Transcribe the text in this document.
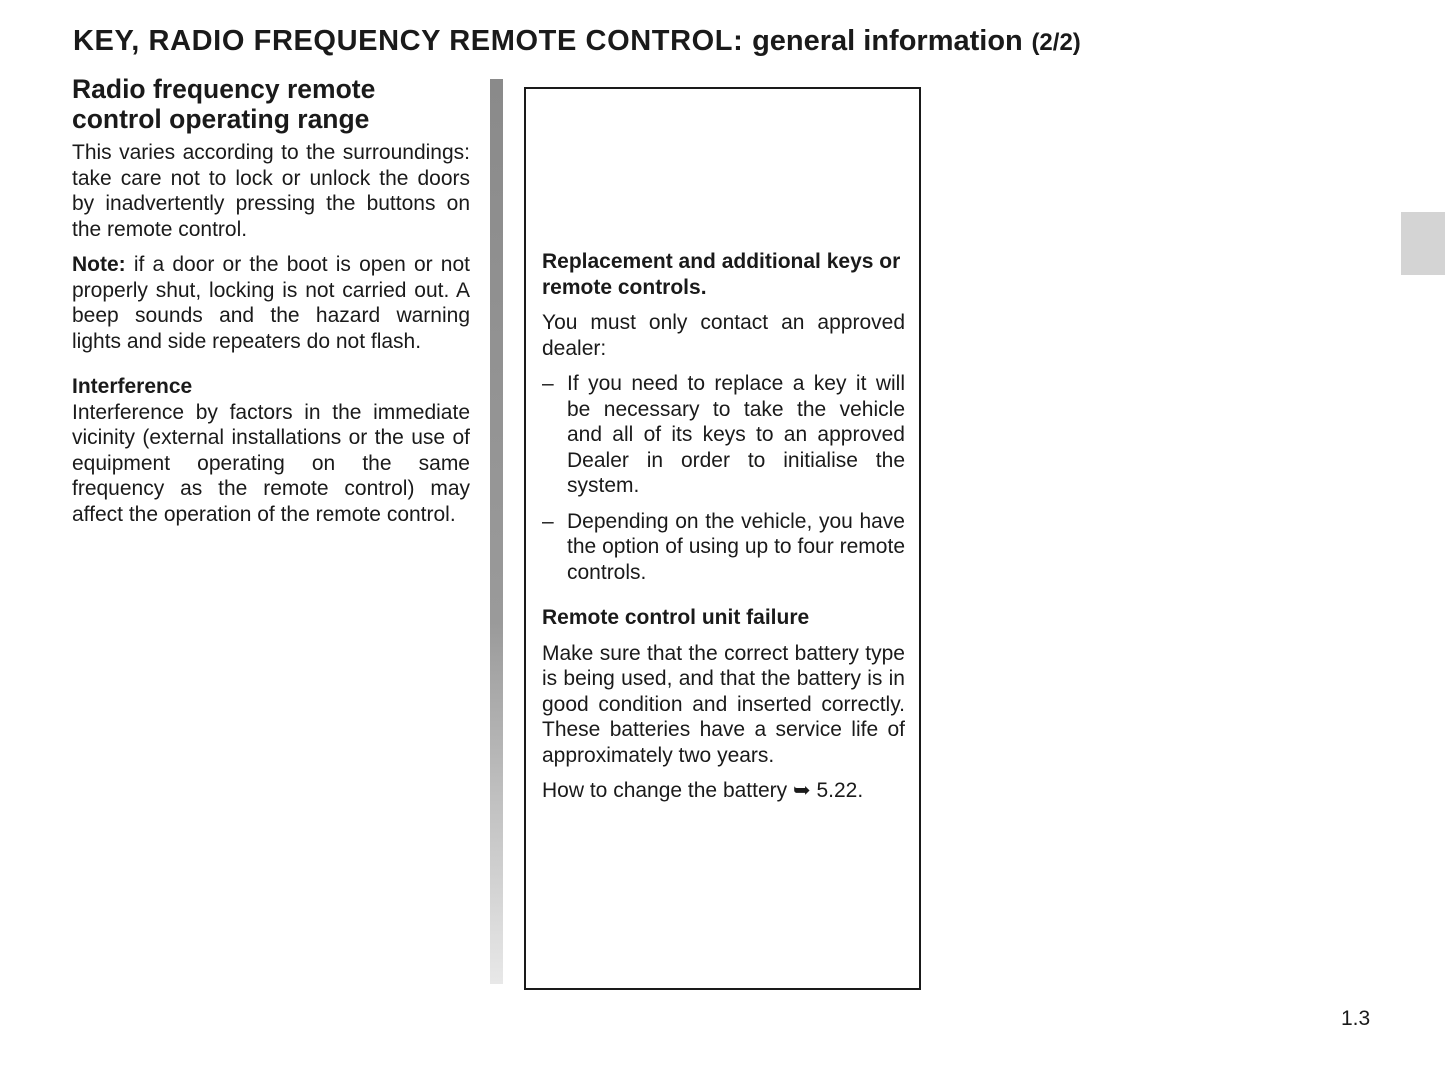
KEY, RADIO FREQUENCY REMOTE CONTROL: general information (2/2)
Radio frequency remote control operating range

This varies according to the surroundings: take care not to lock or unlock the doors by inadvertently pressing the buttons on the remote control.

Note: if a door or the boot is open or not properly shut, locking is not carried out. A beep sounds and the hazard warning lights and side repeaters do not flash.

Interference

Interference by factors in the immediate vicinity (external installations or the use of equipment operating on the same frequency as the remote control) may affect the operation of the remote control.

Replacement and additional keys or remote controls.

You must only contact an approved dealer:

– If you need to replace a key it will be necessary to take the vehicle and all of its keys to an approved Dealer in order to initialise the system.
– Depending on the vehicle, you have the option of using up to four remote controls.
Remote control unit failure

Make sure that the correct battery type is being used, and that the battery is in good condition and inserted correctly. These batteries have a service life of approximately two years.

How to change the battery ➥ 5.22.

1.3
